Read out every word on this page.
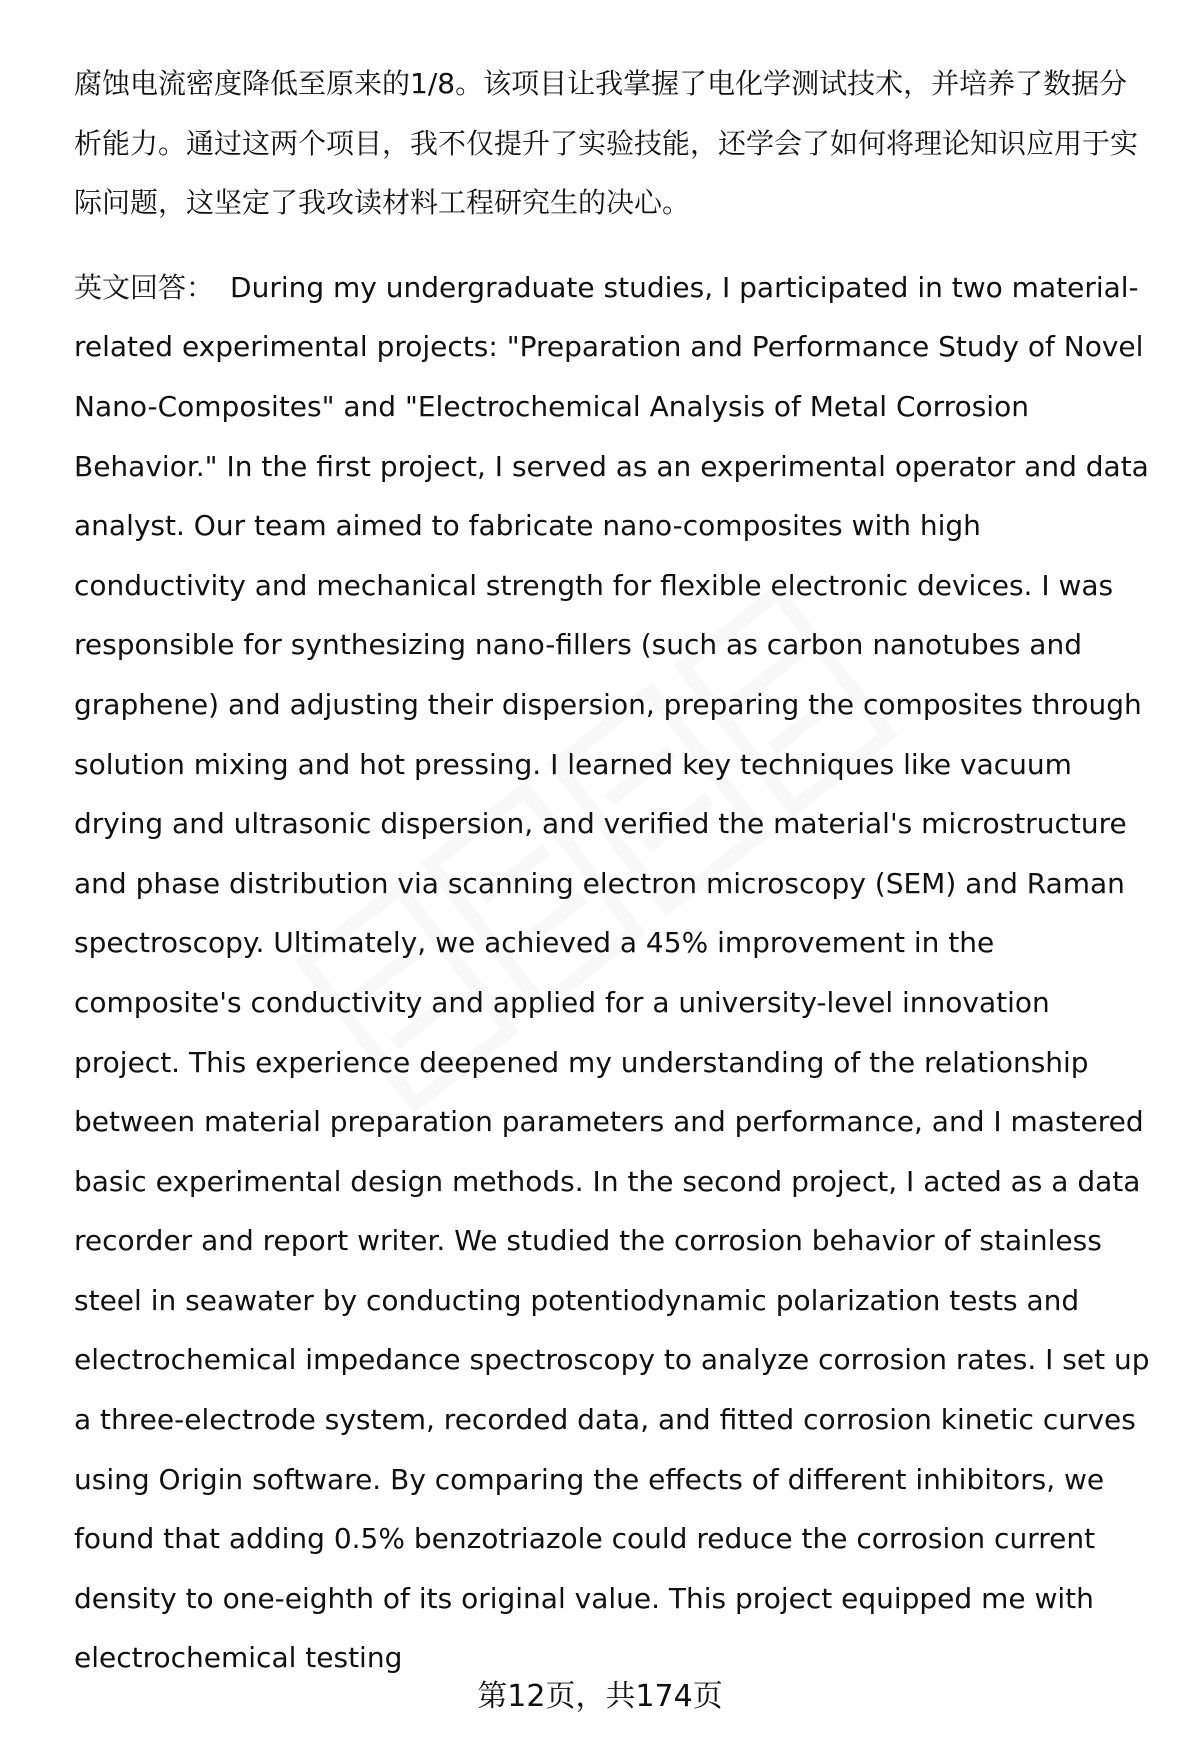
腐蚀电流密度降低至原来的1/8。该项目让我掌握了电化学测试技术，并培养了数据分析能力。通过这两个项目，我不仅提升了实验技能，还学会了如何将理论知识应用于实际问题，这坚定了我攻读材料工程研究生的决心。

英文回答： During my undergraduate studies, I participated in two material-related experimental projects: "Preparation and Performance Study of Novel Nano-Composites" and "Electrochemical Analysis of Metal Corrosion Behavior." In the first project, I served as an experimental operator and data analyst. Our team aimed to fabricate nano-composites with high conductivity and mechanical strength for flexible electronic devices. I was responsible for synthesizing nano-fillers (such as carbon nanotubes and graphene) and adjusting their dispersion, preparing the composites through solution mixing and hot pressing. I learned key techniques like vacuum drying and ultrasonic dispersion, and verified the material's microstructure and phase distribution via scanning electron microscopy (SEM) and Raman spectroscopy. Ultimately, we achieved a 45% improvement in the composite's conductivity and applied for a university-level innovation project. This experience deepened my understanding of the relationship between material preparation parameters and performance, and I mastered basic experimental design methods. In the second project, I acted as a data recorder and report writer. We studied the corrosion behavior of stainless steel in seawater by conducting potentiodynamic polarization tests and electrochemical impedance spectroscopy to analyze corrosion rates. I set up a three-electrode system, recorded data, and fitted corrosion kinetic curves using Origin software. By comparing the effects of different inhibitors, we found that adding 0.5% benzotriazole could reduce the corrosion current density to one-eighth of its original value. This project equipped me with electrochemical testing

第12页，共174页
